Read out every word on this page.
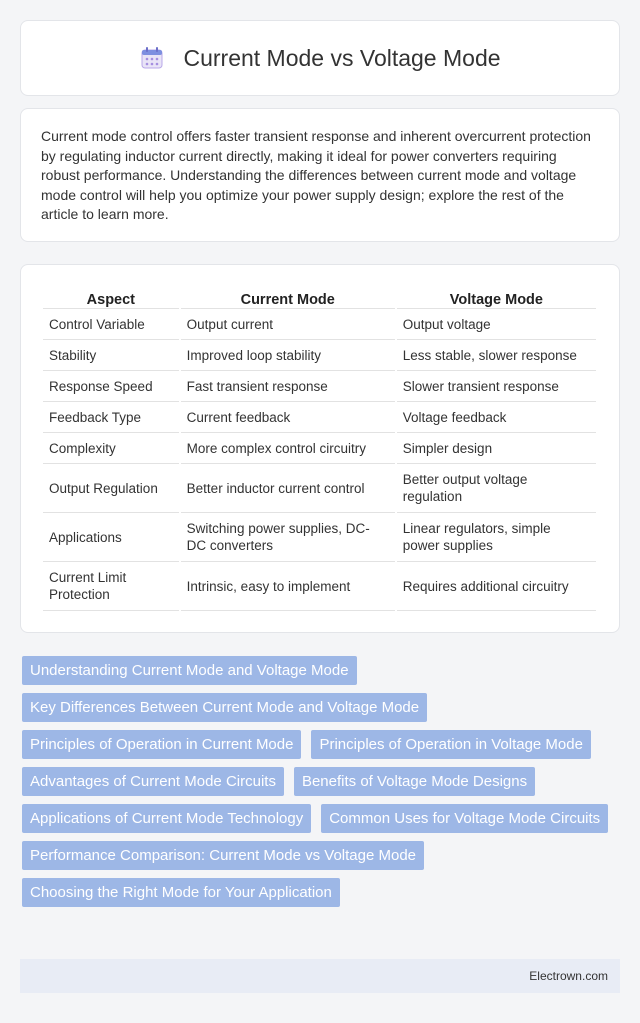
Current Mode vs Voltage Mode

Current mode control offers faster transient response and inherent overcurrent protection by regulating inductor current directly, making it ideal for power converters requiring robust performance. Understanding the differences between current mode and voltage mode control will help you optimize your power supply design; explore the rest of the article to learn more.

Aspect	Current Mode	Voltage Mode
Control Variable	Output current	Output voltage
Stability	Improved loop stability	Less stable, slower response
Response Speed	Fast transient response	Slower transient response
Feedback Type	Current feedback	Voltage feedback
Complexity	More complex control circuitry	Simpler design
Output Regulation	Better inductor current control	Better output voltage regulation
Applications	Switching power supplies, DC-DC converters	Linear regulators, simple power supplies
Current Limit Protection	Intrinsic, easy to implement	Requires additional circuitry
Understanding Current Mode and Voltage Mode
Key Differences Between Current Mode and Voltage Mode
Principles of Operation in Current Mode	Principles of Operation in Voltage Mode
Advantages of Current Mode Circuits	Benefits of Voltage Mode Designs
Applications of Current Mode Technology	Common Uses for Voltage Mode Circuits
Performance Comparison: Current Mode vs Voltage Mode
Choosing the Right Mode for Your Application
Electrown.com
